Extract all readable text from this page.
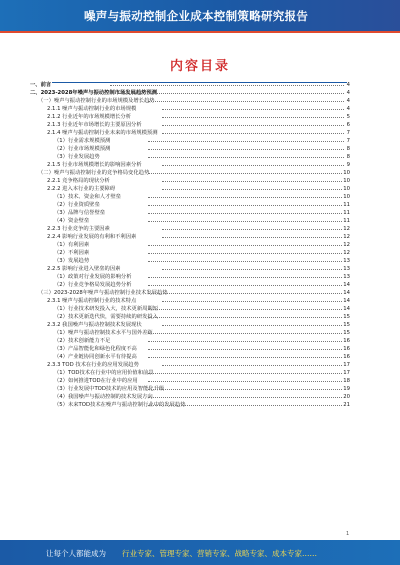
噪声与振动控制企业成本控制策略研究报告
内容目录
一、前言	4
二、2023-2028年噪声与振动控制市场发展趋势预测	4
（一）噪声与振动控制行业的市场规模及增长趋势	4
2.1.1 噪声与振动控制行业的市场规模	4
2.1.2 行业近年的市场规模增长分析	5
2.1.3 行业近年市场增长的主要原因分析	6
2.1.4 噪声与振动控制行业未来的市场规模预测	7
（1）行业需求规模预测	7
（2）行业市场规模预测	8
（3）行业发展趋势	8
2.1.5 行业市场规模增长的影响因素分析	9
（二）噪声与振动控制行业的竞争格局变化趋势	10
2.2.1 竞争格局的现状分析	10
2.2.2 进入本行业的主要障碍	10
（1）技术、资金和人才壁垒	10
（2）行业资质壁垒	11
（3）品牌与信誉壁垒	11
（4）资金壁垒	11
2.2.3 行业竞争的主要因素	12
2.2.4 影响行业发展的有利和不利因素	12
（1）有利因素	12
（2）不利因素	12
（3）发展趋势	13
2.2.5 影响行业进入壁垒的因素	13
（1）政策对行业发展的影响分析	13
（2）行业竞争格局发展趋势分析	14
（三）2023-2028年噪声与振动控制行业技术发展趋势	14
2.3.1 噪声与振动控制行业的技术特点	14
（1）行业技术研发投入大，技术更新周期短	14
（2）技术更新迭代快，需要持续的研发投入	15
2.3.2 我国噪声与振动控制技术发展现状	15
（1）噪声与振动控制技术水平与国外差距	15
（2）技术创新能力不足	16
（3）产品智能化和绿色化程度不高	16
（4）产业链协同创新水平有待提高	16
2.3.3 TOD 技术在行业的应用发展趋势	17
（1）TOD技术在行业中的应用价值和前景	17
（2）如何推进TOD在行业中的应用	18
（3）行业发展中TOD技术的应用及智能化升级	19
（4）我国噪声与振动控制的技术发展方向	20
（5）未来TOD技术在噪声与振动控制行业中的发展趋势	21
1
让每个人都能成为 行业专家、管理专家、营销专家、战略专家、成本专家……
